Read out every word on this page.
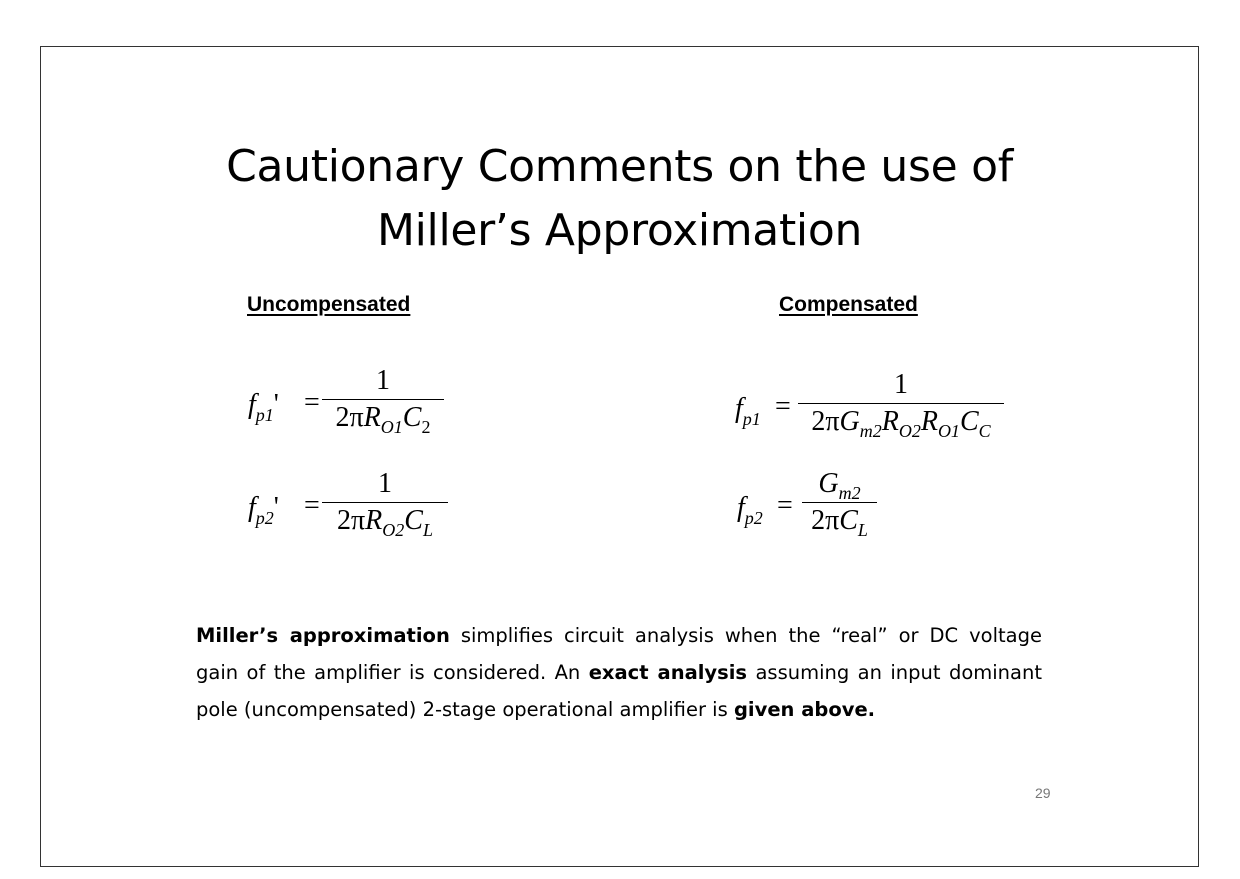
Cautionary Comments on the use of
Miller’s Approximation
Uncompensated	Compensated
$f_{p1}'$ =
1
$2\pi R_{O1}C_2$
$f_{p2}'$ =
1
$2\pi R_{O2}C_L$
$f_{p1}$ =
1
$2\pi G_{m2}R_{O2}R_{O1}C_C$
$f_{p2}$ =
$G_{m2}$
$2\pi C_L$
Miller’s approximation simplifies circuit analysis when the “real” or DC voltage gain of the amplifier is considered. An exact analysis assuming an input dominant pole (uncompensated) 2-stage operational amplifier is given above.
29
